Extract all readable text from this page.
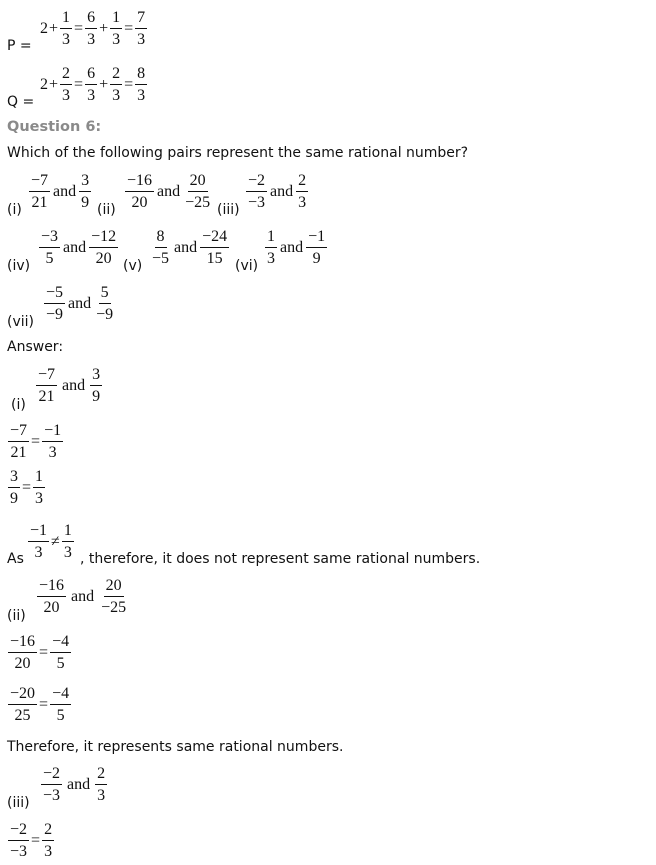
P =
$2 + \frac{1}{3} = \frac{6}{3} + \frac{1}{3} = \frac{7}{3}$
Q =
$2 + \frac{2}{3} = \frac{6}{3} + \frac{2}{3} = \frac{8}{3}$
Question 6:
Which of the following pairs represent the same rational number?
$(i) \frac{-7}{21}$ and $\frac{3}{9} (ii) \frac{-16}{20}$ and $\frac{20}{-25} (iii) \frac{-2}{-3}$ and $\frac{2}{3}$
$(iv) \frac{-3}{5}$ and $\frac{-12}{20} (v) \frac{8}{-5}$ and $\frac{-24}{15} (vi) \frac{1}{3}$ and $\frac{-1}{9}$
$(vii) \frac{-5}{-9}$ and $\frac{5}{-9}$
Answer:
$(i) \frac{-7}{21}$ and $\frac{3}{9}$
$\frac{-7}{21} = \frac{-1}{3}$
$\frac{3}{9} = \frac{1}{3}$
As $\frac{-1}{3} \ne \frac{1}{3}$ , therefore, it does not represent same rational numbers.
$(ii) \frac{-16}{20}$ and $\frac{20}{-25}$
$\frac{-16}{20} = \frac{-4}{5}$
$\frac{-20}{25} = \frac{-4}{5}$
Therefore, it represents same rational numbers.
$(iii) \frac{-2}{-3}$ and $\frac{2}{3}$
$\frac{-2}{-3} = \frac{2}{3}$
